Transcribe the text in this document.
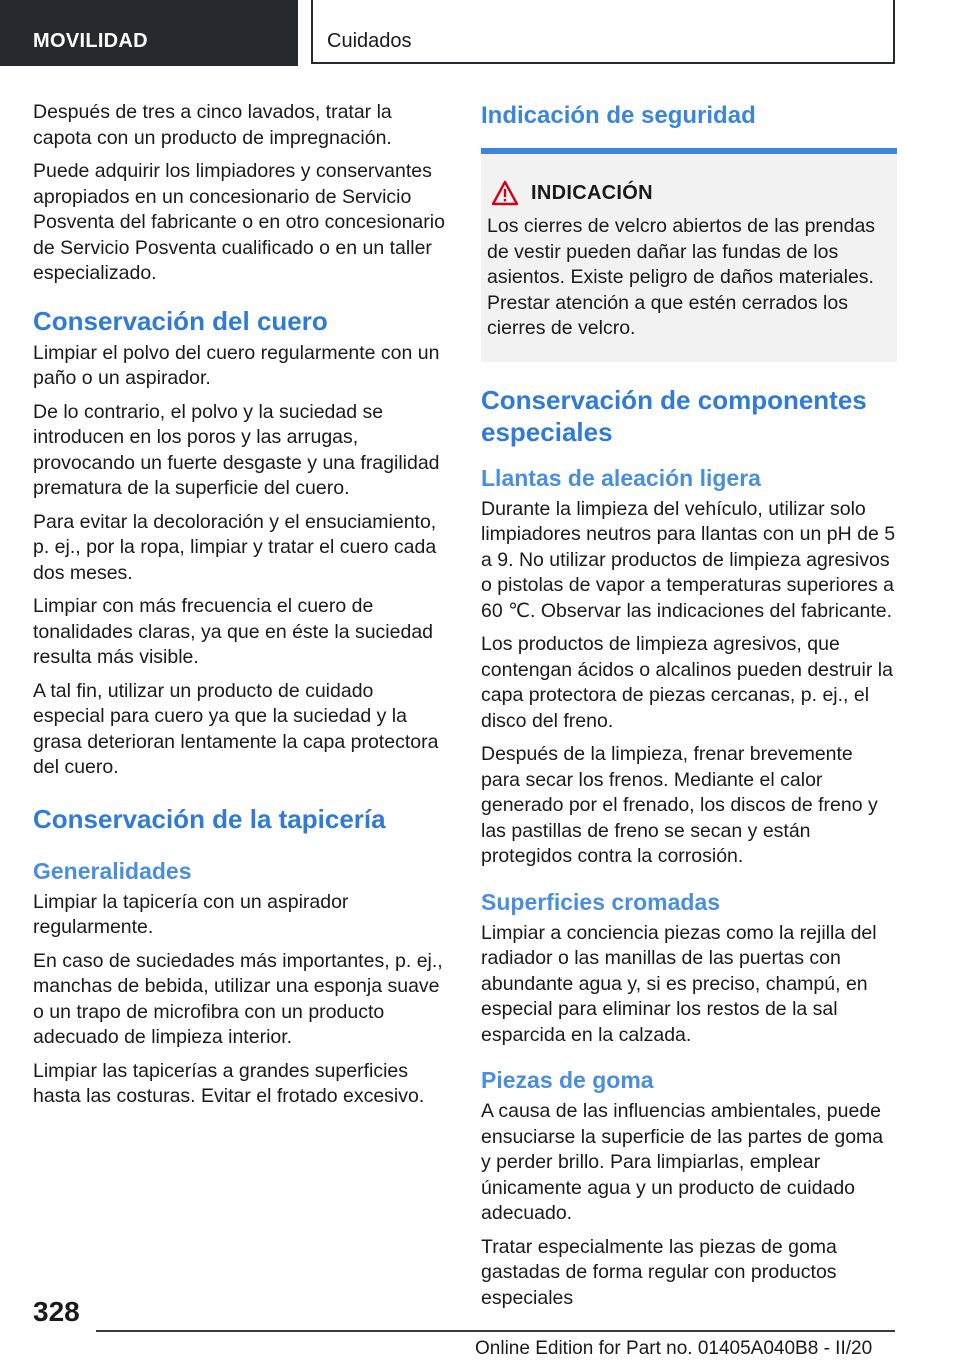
MOVILIDAD	Cuidados

Después de tres a cinco lavados, tratar la capota con un producto de impregnación.

Puede adquirir los limpiadores y conservantes apropiados en un concesionario de Servicio Posventa del fabricante o en otro concesionario de Servicio Posventa cualificado o en un taller especializado.

Conservación del cuero

Limpiar el polvo del cuero regularmente con un paño o un aspirador.

De lo contrario, el polvo y la suciedad se introducen en los poros y las arrugas, provocando un fuerte desgaste y una fragilidad prematura de la superficie del cuero.

Para evitar la decoloración y el ensuciamiento, p. ej., por la ropa, limpiar y tratar el cuero cada dos meses.

Limpiar con más frecuencia el cuero de tonalidades claras, ya que en éste la suciedad resulta más visible.

A tal fin, utilizar un producto de cuidado especial para cuero ya que la suciedad y la grasa deterioran lentamente la capa protectora del cuero.

Conservación de la tapicería
Generalidades

Limpiar la tapicería con un aspirador regularmente.

En caso de suciedades más importantes, p. ej., manchas de bebida, utilizar una esponja suave o un trapo de microfibra con un producto adecuado de limpieza interior.

Limpiar las tapicerías a grandes superficies hasta las costuras. Evitar el frotado excesivo.

Indicación de seguridad
INDICACIÓN

Los cierres de velcro abiertos de las prendas de vestir pueden dañar las fundas de los asientos. Existe peligro de daños materiales. Prestar atención a que estén cerrados los cierres de velcro.

Conservación de componentes especiales
Llantas de aleación ligera

Durante la limpieza del vehículo, utilizar solo limpiadores neutros para llantas con un pH de 5 a 9. No utilizar productos de limpieza agresivos o pistolas de vapor a temperaturas superiores a 60 ℃. Observar las indicaciones del fabricante.

Los productos de limpieza agresivos, que contengan ácidos o alcalinos pueden destruir la capa protectora de piezas cercanas, p. ej., el disco del freno.

Después de la limpieza, frenar brevemente para secar los frenos. Mediante el calor generado por el frenado, los discos de freno y las pastillas de freno se secan y están protegidos contra la corrosión.

Superficies cromadas

Limpiar a conciencia piezas como la rejilla del radiador o las manillas de las puertas con abundante agua y, si es preciso, champú, en especial para eliminar los restos de la sal esparcida en la calzada.

Piezas de goma

A causa de las influencias ambientales, puede ensuciarse la superficie de las partes de goma y perder brillo. Para limpiarlas, emplear únicamente agua y un producto de cuidado adecuado.

Tratar especialmente las piezas de goma gastadas de forma regular con productos especiales

328
Online Edition for Part no. 01405A040B8 - II/20
